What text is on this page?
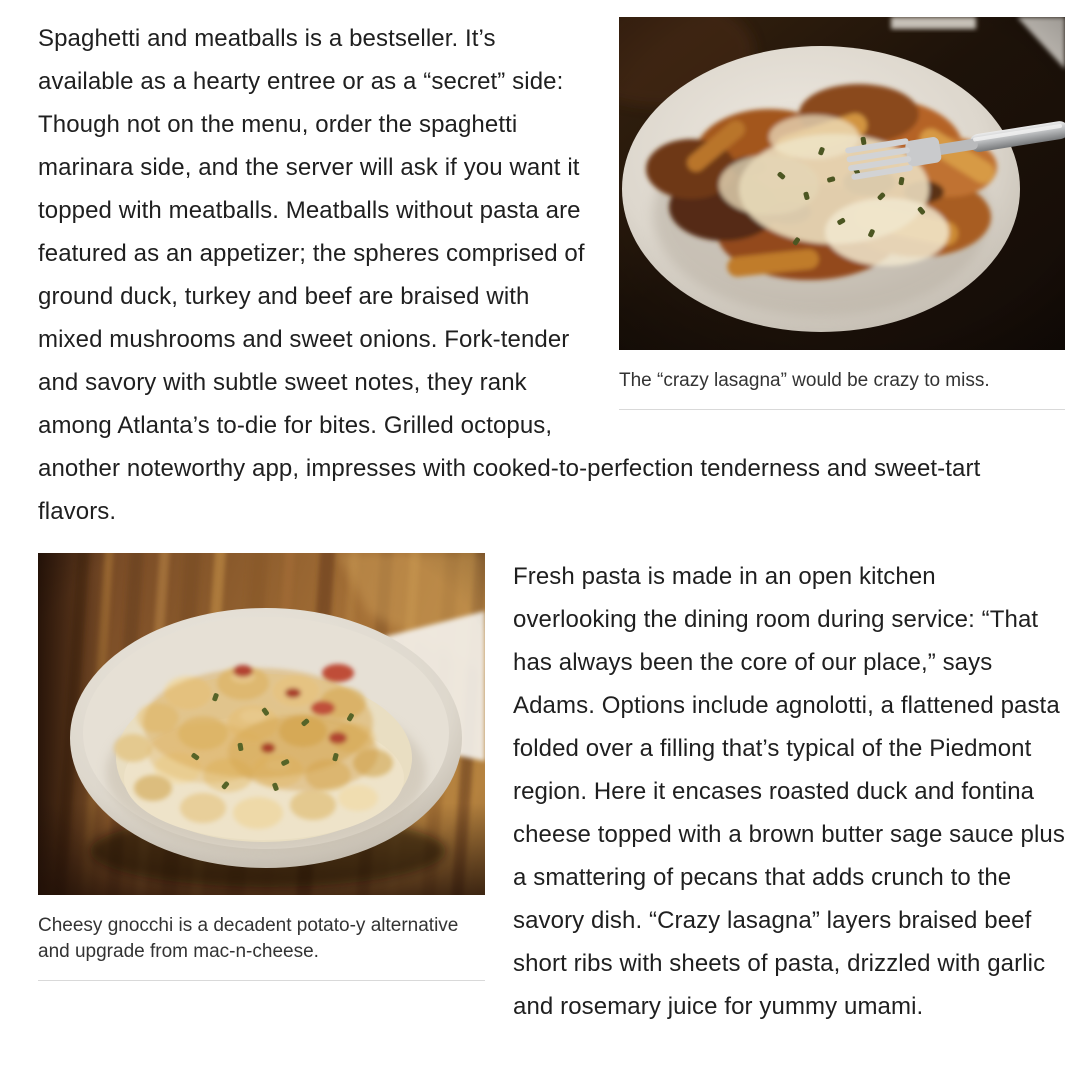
The “crazy lasagna” would be crazy to miss.
Spaghetti and meatballs is a bestseller. It’s available as a hearty entree or as a “secret” side: Though not on the menu, order the spaghetti marinara side, and the server will ask if you want it topped with meatballs. Meatballs without pasta are featured as an appetizer; the spheres comprised of ground duck, turkey and beef are braised with mixed mushrooms and sweet onions. Fork-tender and savory with subtle sweet notes, they rank among Atlanta’s to-die for bites. Grilled octopus, another noteworthy app, impresses with cooked-to-perfection tenderness and sweet-tart flavors.
Cheesy gnocchi is a decadent potato-y alternative and upgrade from mac-n-cheese.
Fresh pasta is made in an open kitchen overlooking the dining room during service: “That has always been the core of our place,” says Adams. Options include agnolotti, a flattened pasta folded over a filling that’s typical of the Piedmont region. Here it encases roasted duck and fontina cheese topped with a brown butter sage sauce plus a smattering of pecans that adds crunch to the savory dish. “Crazy lasagna” layers braised beef short ribs with sheets of pasta, drizzled with garlic and rosemary juice for yummy umami.
